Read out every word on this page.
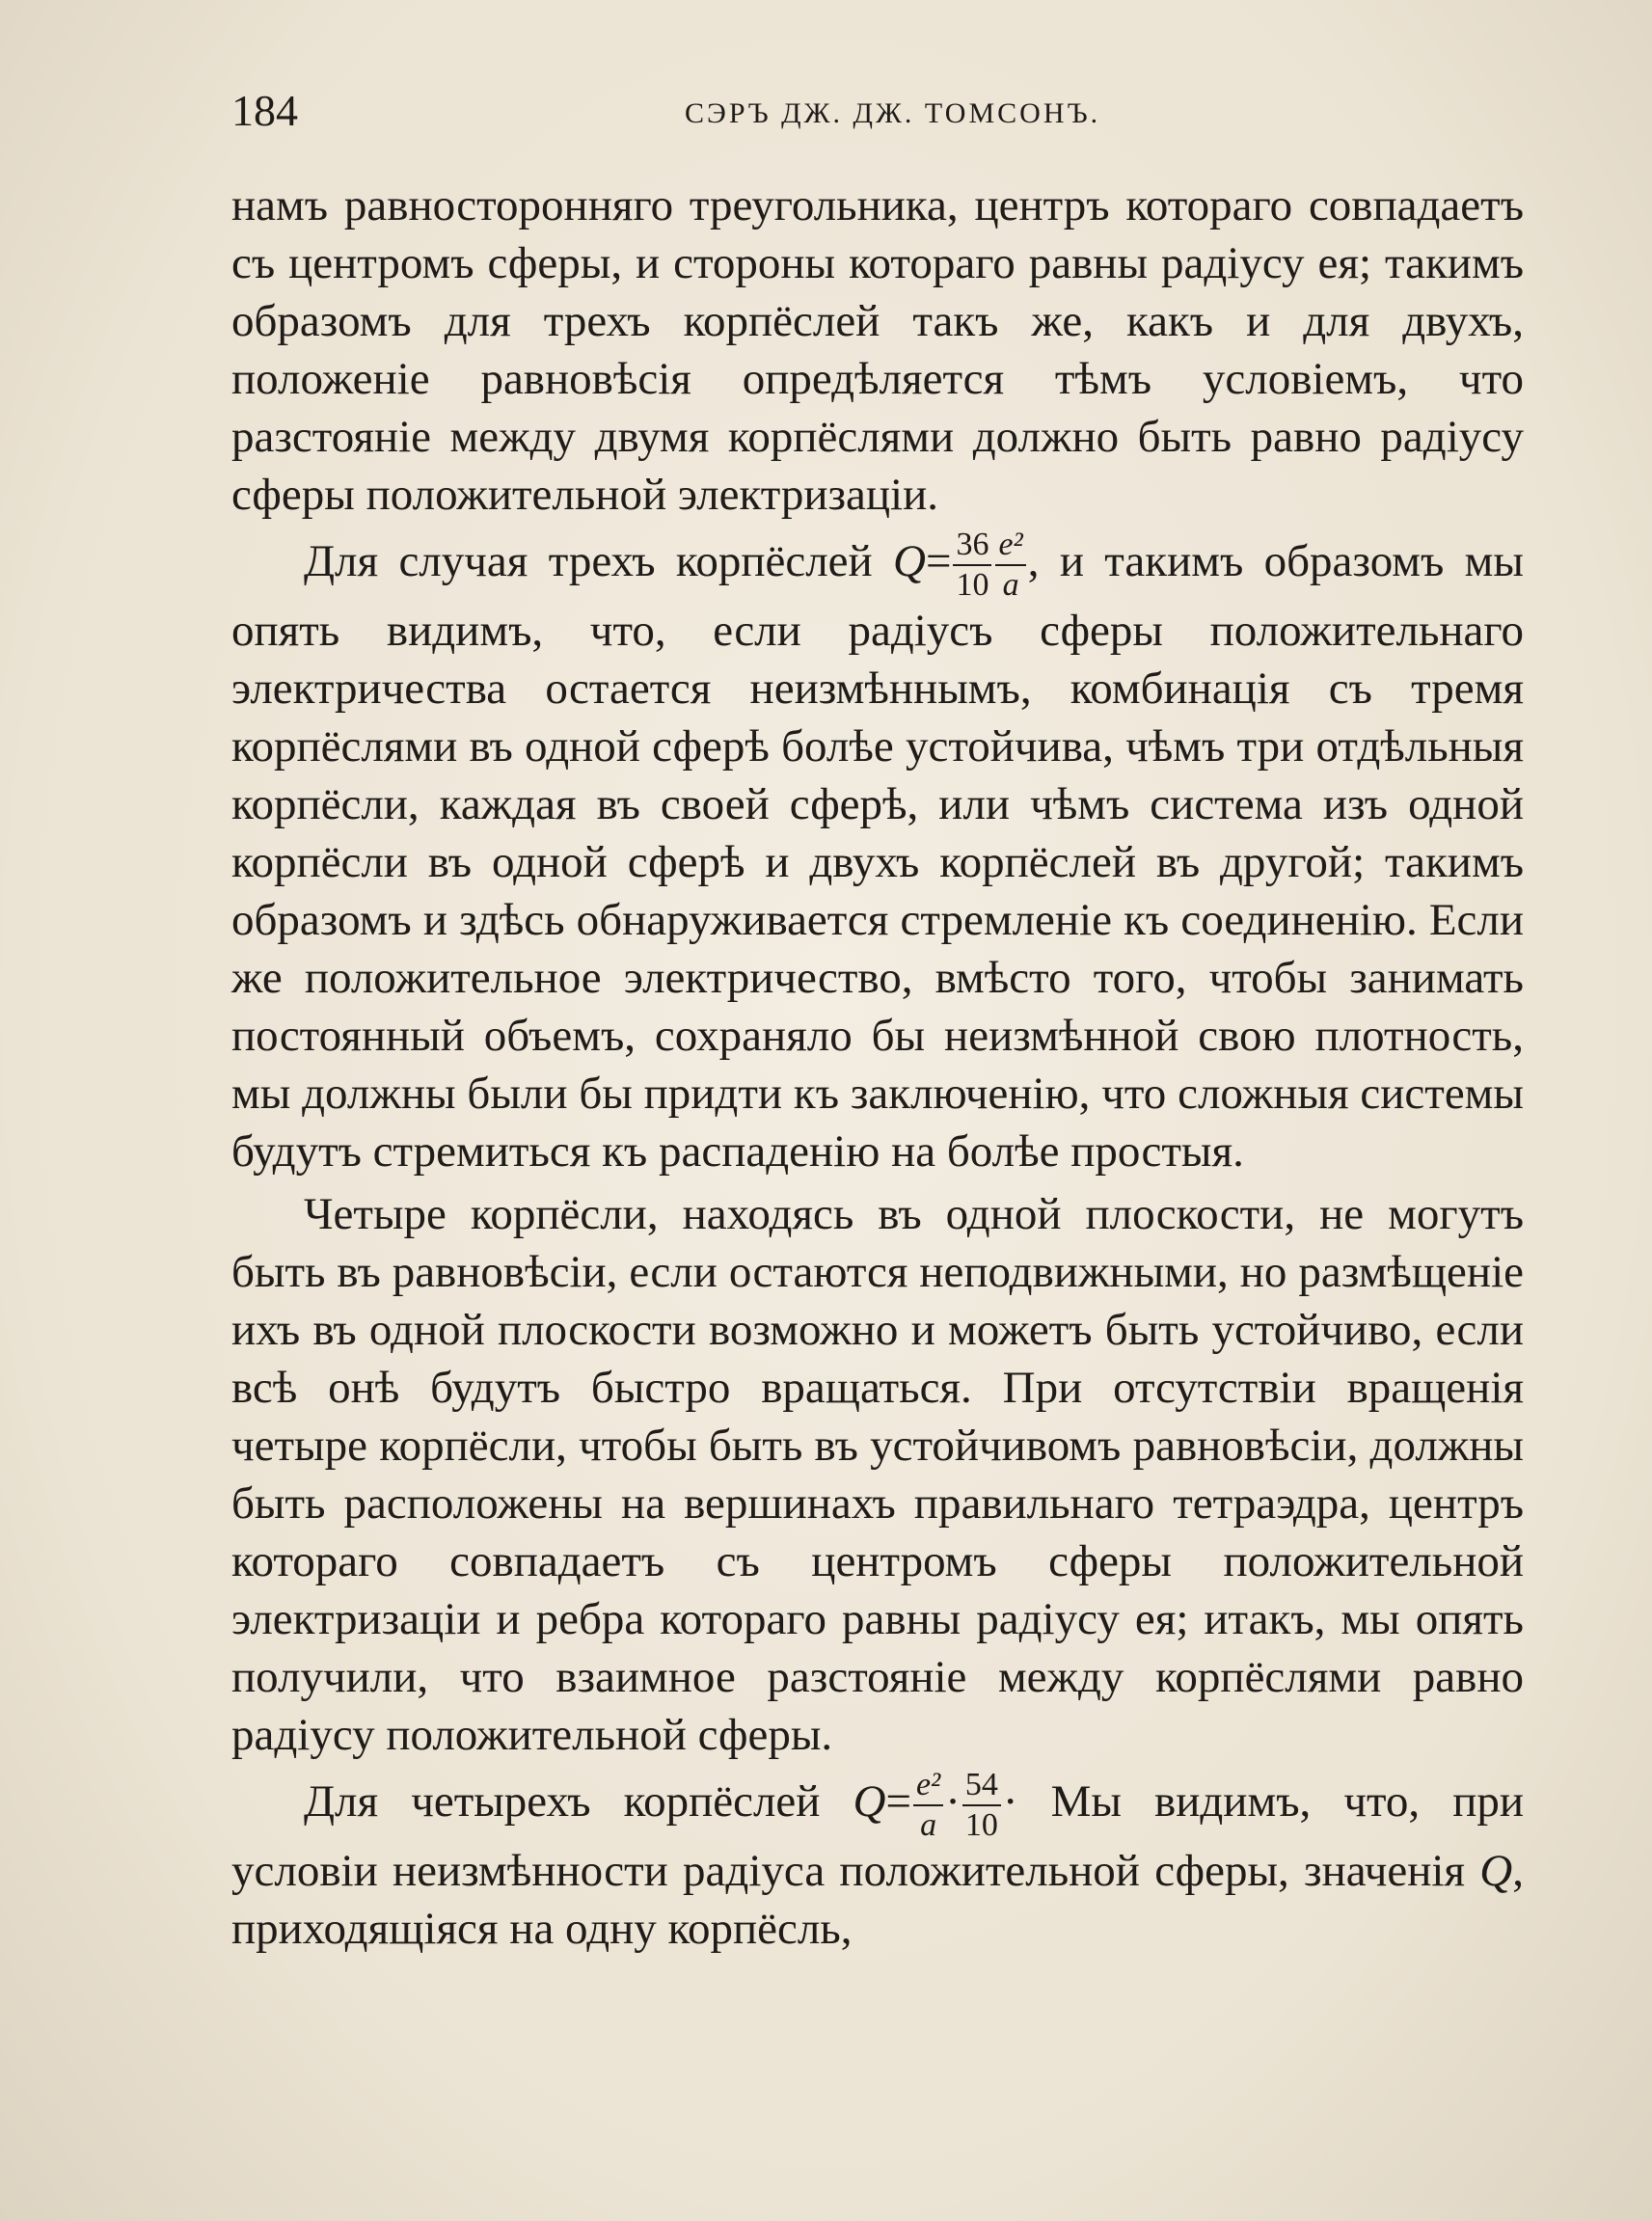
184	СЭРЪ ДЖ. ДЖ. ТОМСОНЪ.

намъ равносторонняго треугольника, центръ котораго совпадаетъ съ центромъ сферы, и стороны котораго равны радіусу ея; такимъ образомъ для трехъ корпёслей такъ же, какъ и для двухъ, положеніе равновѣсія опредѣляется тѣмъ условіемъ, что разстояніе между двумя корпёслями должно быть равно радіусу сферы положительной электризаціи.

Для случая трехъ корпёслей $Q= \frac{36}{10} \frac{\text{e²}}{a}$ , и такимъ образомъ мы опять видимъ, что, если радіусъ сферы положительнаго электричества остается неизмѣннымъ, комбинація съ тремя корпёслями въ одной сферѣ болѣе устойчива, чѣмъ три отдѣльныя корпёсли, каждая въ своей сферѣ, или чѣмъ система изъ одной корпёсли въ одной сферѣ и двухъ корпёслей въ другой; такимъ образомъ и здѣсь обнаруживается стремленіе къ соединенію. Если же положительное электричество, вмѣсто того, чтобы занимать постоянный объемъ, сохраняло бы неизмѣнной свою плотность, мы должны были бы придти къ заключенію, что сложныя системы будутъ стремиться къ распаденію на болѣе простыя.

Четыре корпёсли, находясь въ одной плоскости, не могутъ быть въ равновѣсіи, если остаются неподвижными, но размѣщеніе ихъ въ одной плоскости возможно и можетъ быть устойчиво, если всѣ онѣ будутъ быстро вращаться. При отсутствіи вращенія четыре корпёсли, чтобы быть въ устойчивомъ равновѣсіи, должны быть расположены на вершинахъ правильнаго тетраэдра, центръ котораго совпадаетъ съ центромъ сферы положительной электризаціи и ребра котораго равны радіусу ея; итакъ, мы опять получили, что взаимное разстояніе между корпёслями равно радіусу положительной сферы.

Для четырехъ корпёслей $Q= \frac{\text{e²}}{a} \cdot \frac{54}{10}$ · Мы видимъ, что, при условіи неизмѣнности радіуса положительной сферы, значенія Q, приходящіяся на одну корпёсль,
